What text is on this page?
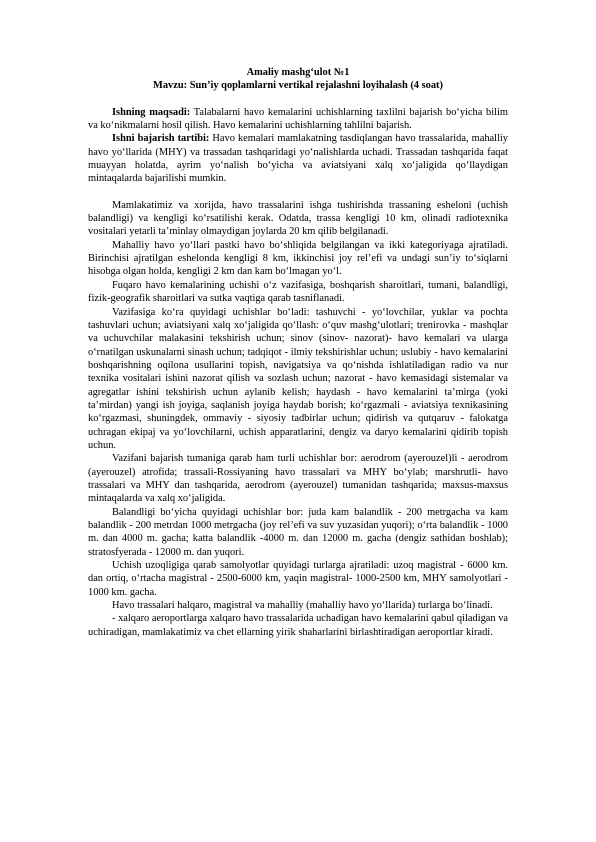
Amaliy mashg‘ulot №1
Mavzu: Sun’iy qoplamlarni vertikal rejalashni loyihalash (4 soat)

Ishning maqsadi: Talabalarni havo kemalarini uchishlarning taxlilni bajarish bo‘yicha bilim va ko‘nikmalarni hosil qilish. Havo kemalarini uchishlarning tahlilni bajarish.

Ishni bajarish tartibi: Havo kemalari mamlakatning tasdiqlangan havo trassalarida, mahalliy havo yo‘llarida (MHY) va trassadan tashqaridagi yo‘nalishlarda uchadi. Trassadan tashqarida faqat muayyan holatda, ayrim yo‘nalish bo‘yicha va aviatsiyani xalq xo‘jaligida qo‘llaydigan mintaqalarda bajarilishi mumkin.

Mamlakatimiz va xorijda, havo trassalarini ishga tushirishda trassaning esheloni (uchish balandligi) va kengligi ko‘rsatilishi kerak. Odatda, trassa kengligi 10 km, olinadi radiotexnika vositalari yetarli ta’minlay olmaydigan joylarda 20 km qilib belgilanadi.

Mahalliy havo yo‘llari pastki havo bo‘shliqida belgilangan va ikki kategoriyaga ajratiladi. Birinchisi ajratilgan eshelonda kengligi 8 km, ikkinchisi joy rel’efi va undagi sun’iy to‘siqlarni hisobga olgan holda, kengligi 2 km dan kam bo‘lmagan yo‘l.

Fuqaro havo kemalarining uchishi o‘z vazifasiga, boshqarish sharoitlari, tumani, balandligi, fizik-geografik sharoitlari va sutka vaqtiga qarab tasniflanadi.

Vazifasiga ko‘ra quyidagi uchishlar bo‘ladi: tashuvchi - yo‘lovchilar, yuklar va pochta tashuvlari uchun; aviatsiyani xalq xo‘jaligida qo‘llash: o‘quv mashg‘ulotlari; trenirovka - mashqlar va uchuvchilar malakasini tekshirish uchun; sinov (sinov- nazorat)- havo kemalari va ularga o‘rnatilgan uskunalarni sinash uchun; tadqiqot - ilmiy tekshirishlar uchun; uslubiy - havo kemalarini boshqarishning oqilona usullarini topish, navigatsiya va qo‘nishda ishlatiladigan radio va nur texnika vositalari ishini nazorat qilish va sozlash uchun; nazorat - havo kemasidagi sistemalar va agregatlar ishini tekshirish uchun aylanib kelish; haydash - havo kemalarini ta’mirga (yoki ta’mirdan) yangi ish joyiga, saqlanish joyiga haydab borish; ko‘rgazmali - aviatsiya texnikasining ko‘rgazmasi, shuningdek, ommaviy - siyosiy tadbirlar uchun; qidirish va qutqaruv - falokatga uchragan ekipaj va yo‘lovchilarni, uchish apparatlarini, dengiz va daryo kemalarini qidirib topish uchun.

Vazifani bajarish tumaniga qarab ham turli uchishlar bor: aerodrom (ayerouzel)li - aerodrom (ayerouzel) atrofida; trassali-Rossiyaning havo trassalari va MHY bo‘ylab; marshrutli- havo trassalari va MHY dan tashqarida, aerodrom (ayerouzel) tumanidan tashqarida; maxsus-maxsus mintaqalarda va xalq xo‘jaligida.

Balandligi bo‘yicha quyidagi uchishlar bor: juda kam balandlik - 200 metrgacha va kam balandlik - 200 metrdan 1000 metrgacha (joy rel’efi va suv yuzasidan yuqori); o‘rta balandlik - 1000 m. dan 4000 m. gacha; katta balandlik -4000 m. dan 12000 m. gacha (dengiz sathidan boshlab); stratosfyerada - 12000 m. dan yuqori.

Uchish uzoqligiga qarab samolyotlar quyidagi turlarga ajratiladi: uzoq magistral - 6000 km. dan ortiq, o‘rtacha magistral - 2500-6000 km, yaqin magistral- 1000-2500 km, MHY samolyotlari - 1000 km. gacha.

Havo trassalari halqaro, magistral va mahalliy (mahalliy havo yo‘llarida) turlarga bo‘linadi.

- xalqaro aeroportlarga xalqaro havo trassalarida uchadigan havo kemalarini qabul qiladigan va uchiradigan, mamlakatimiz va chet ellarning yirik shaharlarini birlashtiradigan aeroportlar kiradi.
